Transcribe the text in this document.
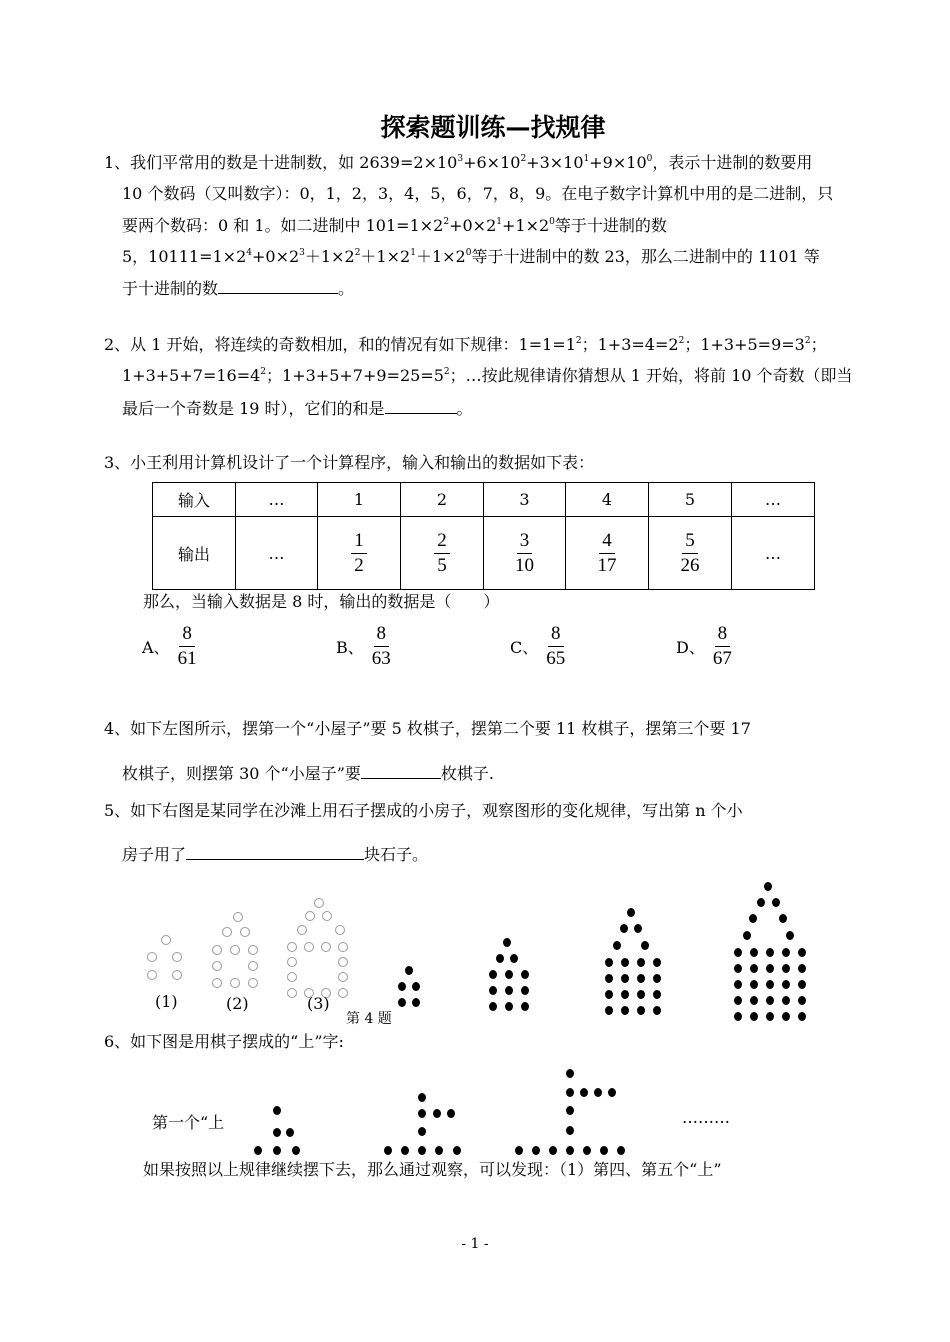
探索题训练—找规律
1、我们平常用的数是十进制数，如 $2639=2\times 10^3+6\times 10^2+3\times 10^1+9\times 10^0$，表示十进制的数要用
10 个数码（又叫数字）：0，1，2，3，4，5，6，7，8，9。在电子数字计算机中用的是二进制，只
要两个数码：0 和 1。如二进制中 $101=1\times 2^2+0\times 2^1+1\times 2^0$等于十进制的数
5，$10111=1\times 2^4+0\times 2^3+1\times 2^2+1\times 2^1+1\times 2^0$等于十进制中的数 23，那么二进制中的 1101 等
于十进制的数	。
2、从 1 开始，将连续的奇数相加，和的情况有如下规律：$1=1=1^2$；$1+3=4=2^2$；$1+3+5=9=3^2$；
$1+3+5+7=16=4^2$；$1+3+5+7+9=25=5^2$；…按此规律请你猜想从 1 开始，将前 10 个奇数（即当
最后一个奇数是 19 时），它们的和是	。
3、小王利用计算机设计了一个计算程序，输入和输出的数据如下表：
输入	…	1	2	3	4	5	…
输出	…	$\frac{1}{2}$	$\frac{2}{5}$	$\frac{3}{10}$	$\frac{4}{17}$	$\frac{5}{26}$	…
那么，当输入数据是 8 时，输出的数据是（　　）
A、 $\frac{8}{61}$	B、 $\frac{8}{63}$	C、 $\frac{8}{65}$	D、 $\frac{8}{67}$
4、如下左图所示，摆第一个“小屋子”要 5 枚棋子，摆第二个要 11 枚棋子，摆第三个要 17
枚棋子，则摆第 30 个“小屋子”要	枚棋子.
5、如下右图是某同学在沙滩上用石子摆成的小房子，观察图形的变化规律，写出第 n 个小
房子用了	块石子。
(1)	(2)	(3)
第 4 题
6、如下图是用棋子摆成的“上”字:
第一个“上	………
如果按照以上规律继续摆下去，那么通过观察，可以发现：（1）第四、第五个“上”
- 1 -
